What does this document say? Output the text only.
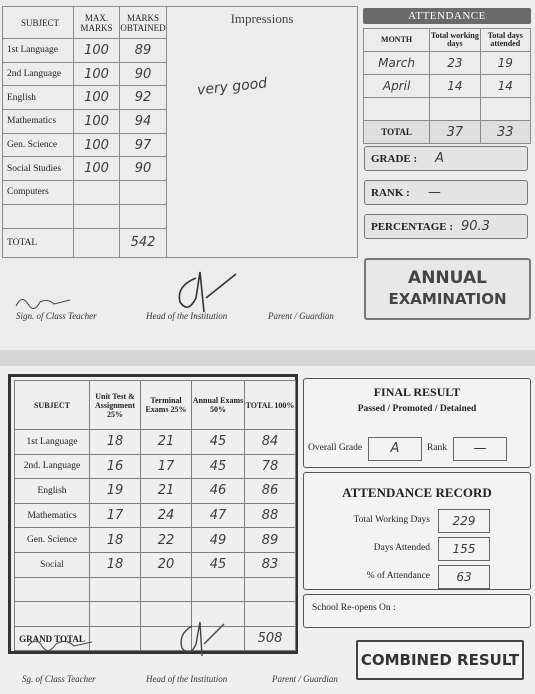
SUBJECT	MAX. MARKS	MARKS OBTAINED	Impressions
very good

1st Language	100	89	
2nd Language	100	90	
English	100	92	
Mathematics	100	94	
Gen. Science	100	97	
Social Studies	100	90	
Computers			

TOTAL		542	
ATTENDANCE
MONTH	Total working days	Total days attended
March	23	19
April	14	14

TOTAL	37	33
GRADE : A
RANK : —
PERCENTAGE : 90.3
ANNUAL
EXAMINATION
Sign. of Class Teacher	Head of the Institution	Parent / Guardian
SUBJECT	Unit Test & Assignment 25%	Terminal Exams 25%	Annual Exams 50%	TOTAL 100%
1st Language	18	21	45	84
2nd. Language	16	17	45	78
English	19	21	46	86
Mathematics	17	24	47	88
Gen. Science	18	22	49	89
Social	18	20	45	83

GRAND TOTAL				508
Sg. of Class Teacher	Head of the Institution	Parent / Guardian
FINAL RESULT
Passed / Promoted / Detained
Overall Grade	A	Rank	—
ATTENDANCE RECORD
Total Working Days	229
Days Attended	155
% of Attendance	63
School Re-opens On :
COMBINED RESULT
